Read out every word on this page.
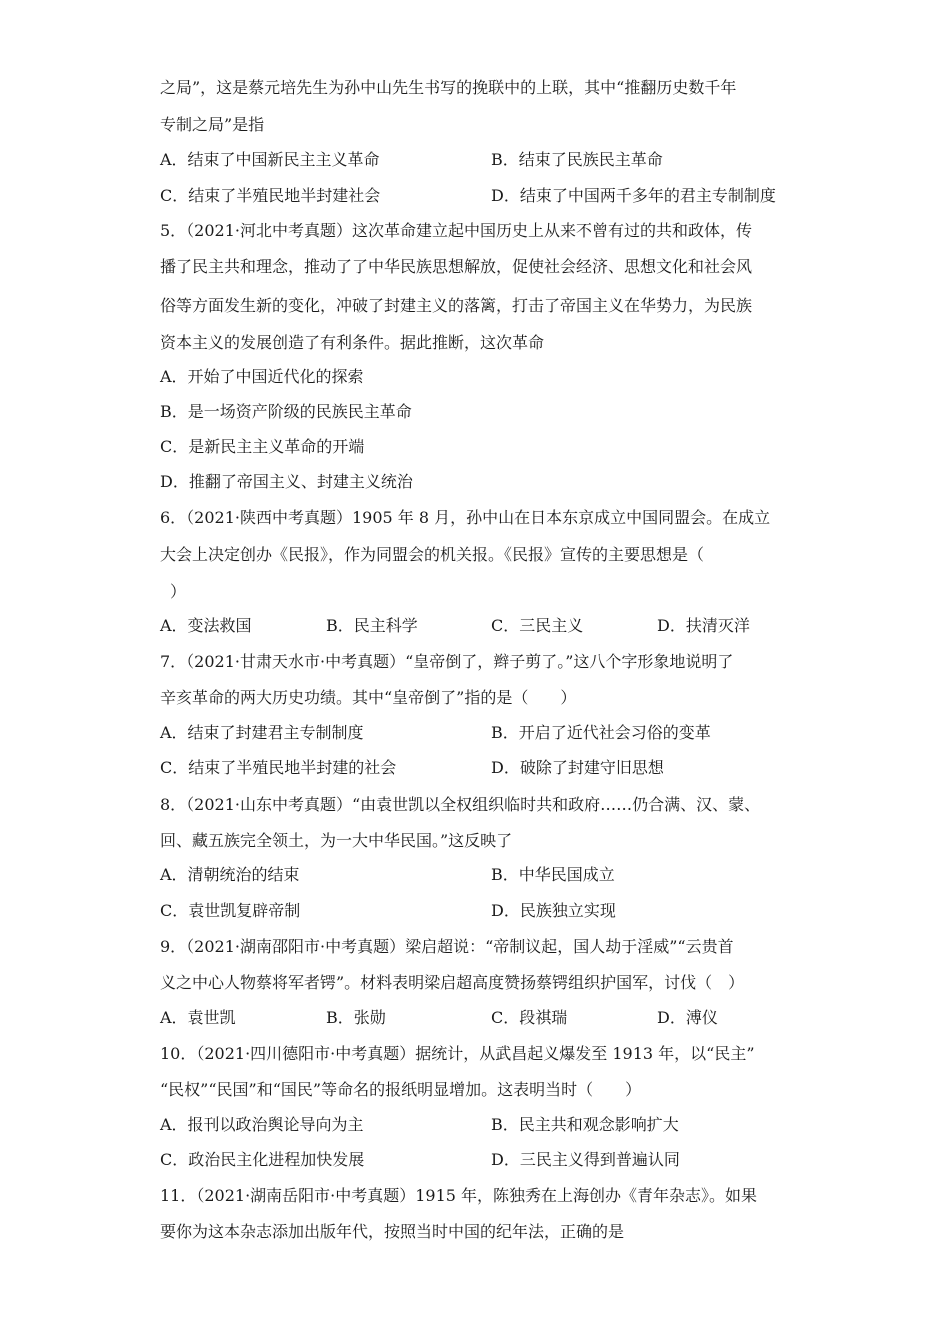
之局”，这是蔡元培先生为孙中山先生书写的挽联中的上联，其中“推翻历史数千年
专制之局”是指
A．结束了中国新民主主义革命	B．结束了民族民主革命
C．结束了半殖民地半封建社会	D．结束了中国两千多年的君主专制制度
5．（2021·河北中考真题）这次革命建立起中国历史上从来不曾有过的共和政体，传
播了民主共和理念，推动了了中华民族思想解放，促使社会经济、思想文化和社会风
俗等方面发生新的变化，冲破了封建主义的落篱，打击了帝国主义在华势力，为民族
资本主义的发展创造了有利条件。据此推断，这次革命
A．开始了中国近代化的探索
B．是一场资产阶级的民族民主革命
C．是新民主主义革命的开端
D．推翻了帝国主义、封建主义统治
6．（2021·陕西中考真题）1905 年 8 月，孙中山在日本东京成立中国同盟会。在成立
大会上决定创办《民报》，作为同盟会的机关报。《民报》宣传的主要思想是（
）
A．变法救国	B．民主科学	C．三民主义	D．扶清灭洋
7．（2021·甘肃天水市·中考真题）“皇帝倒了，辫子剪了。”这八个字形象地说明了
辛亥革命的两大历史功绩。其中“皇帝倒了”指的是（　　）
A．结束了封建君主专制制度	B．开启了近代社会习俗的变革
C．结束了半殖民地半封建的社会	D．破除了封建守旧思想
8．（2021·山东中考真题）“由袁世凯以全权组织临时共和政府……仍合满、汉、蒙、
回、藏五族完全领土，为一大中华民国。”这反映了
A．清朝统治的结束	B．中华民国成立
C．袁世凯复辟帝制	D．民族独立实现
9．（2021·湖南邵阳市·中考真题）梁启超说：“帝制议起，国人劫于淫威”“云贵首
义之中心人物蔡将军者锷”。材料表明梁启超高度赞扬蔡锷组织护国军，讨伐（　）
A．袁世凯	B．张勋	C．段祺瑞	D．溥仪
10．（2021·四川德阳市·中考真题）据统计，从武昌起义爆发至 1913 年，以“民主”
“民权”“民国”和“国民”等命名的报纸明显增加。这表明当时（　　）
A．报刊以政治舆论导向为主	B．民主共和观念影响扩大
C．政治民主化进程加快发展	D．三民主义得到普遍认同
11．（2021·湖南岳阳市·中考真题）1915 年，陈独秀在上海创办《青年杂志》。如果
要你为这本杂志添加出版年代，按照当时中国的纪年法，正确的是
